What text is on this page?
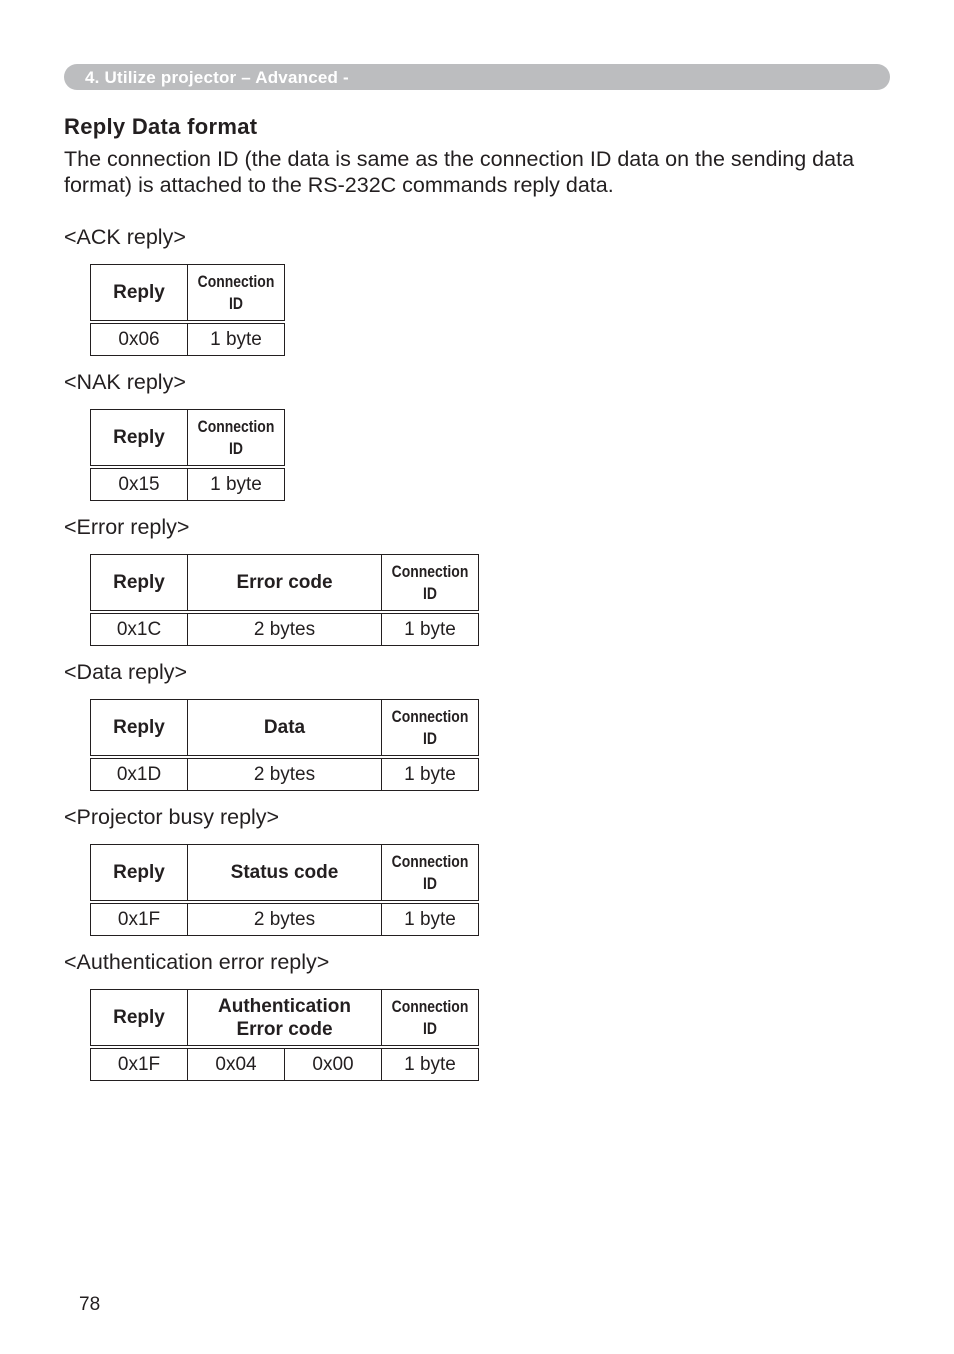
4. Utilize projector – Advanced -
Reply Data format

The connection ID (the data is same as the connection ID data on the sending data format) is attached to the RS-232C commands reply data.

<ACK reply>

Reply	Connection ID
0x06	1 byte

<NAK reply>

Reply	Connection ID
0x15	1 byte

<Error reply>

Reply	Error code	Connection ID
0x1C	2 bytes	1 byte

<Data reply>

Reply	Data	Connection ID
0x1D	2 bytes	1 byte

<Projector busy reply>

Reply	Status code	Connection ID
0x1F	2 bytes	1 byte

<Authentication error reply>

Reply	Authentication Error code		Connection ID
0x1F	0x04	0x00	1 byte
78
